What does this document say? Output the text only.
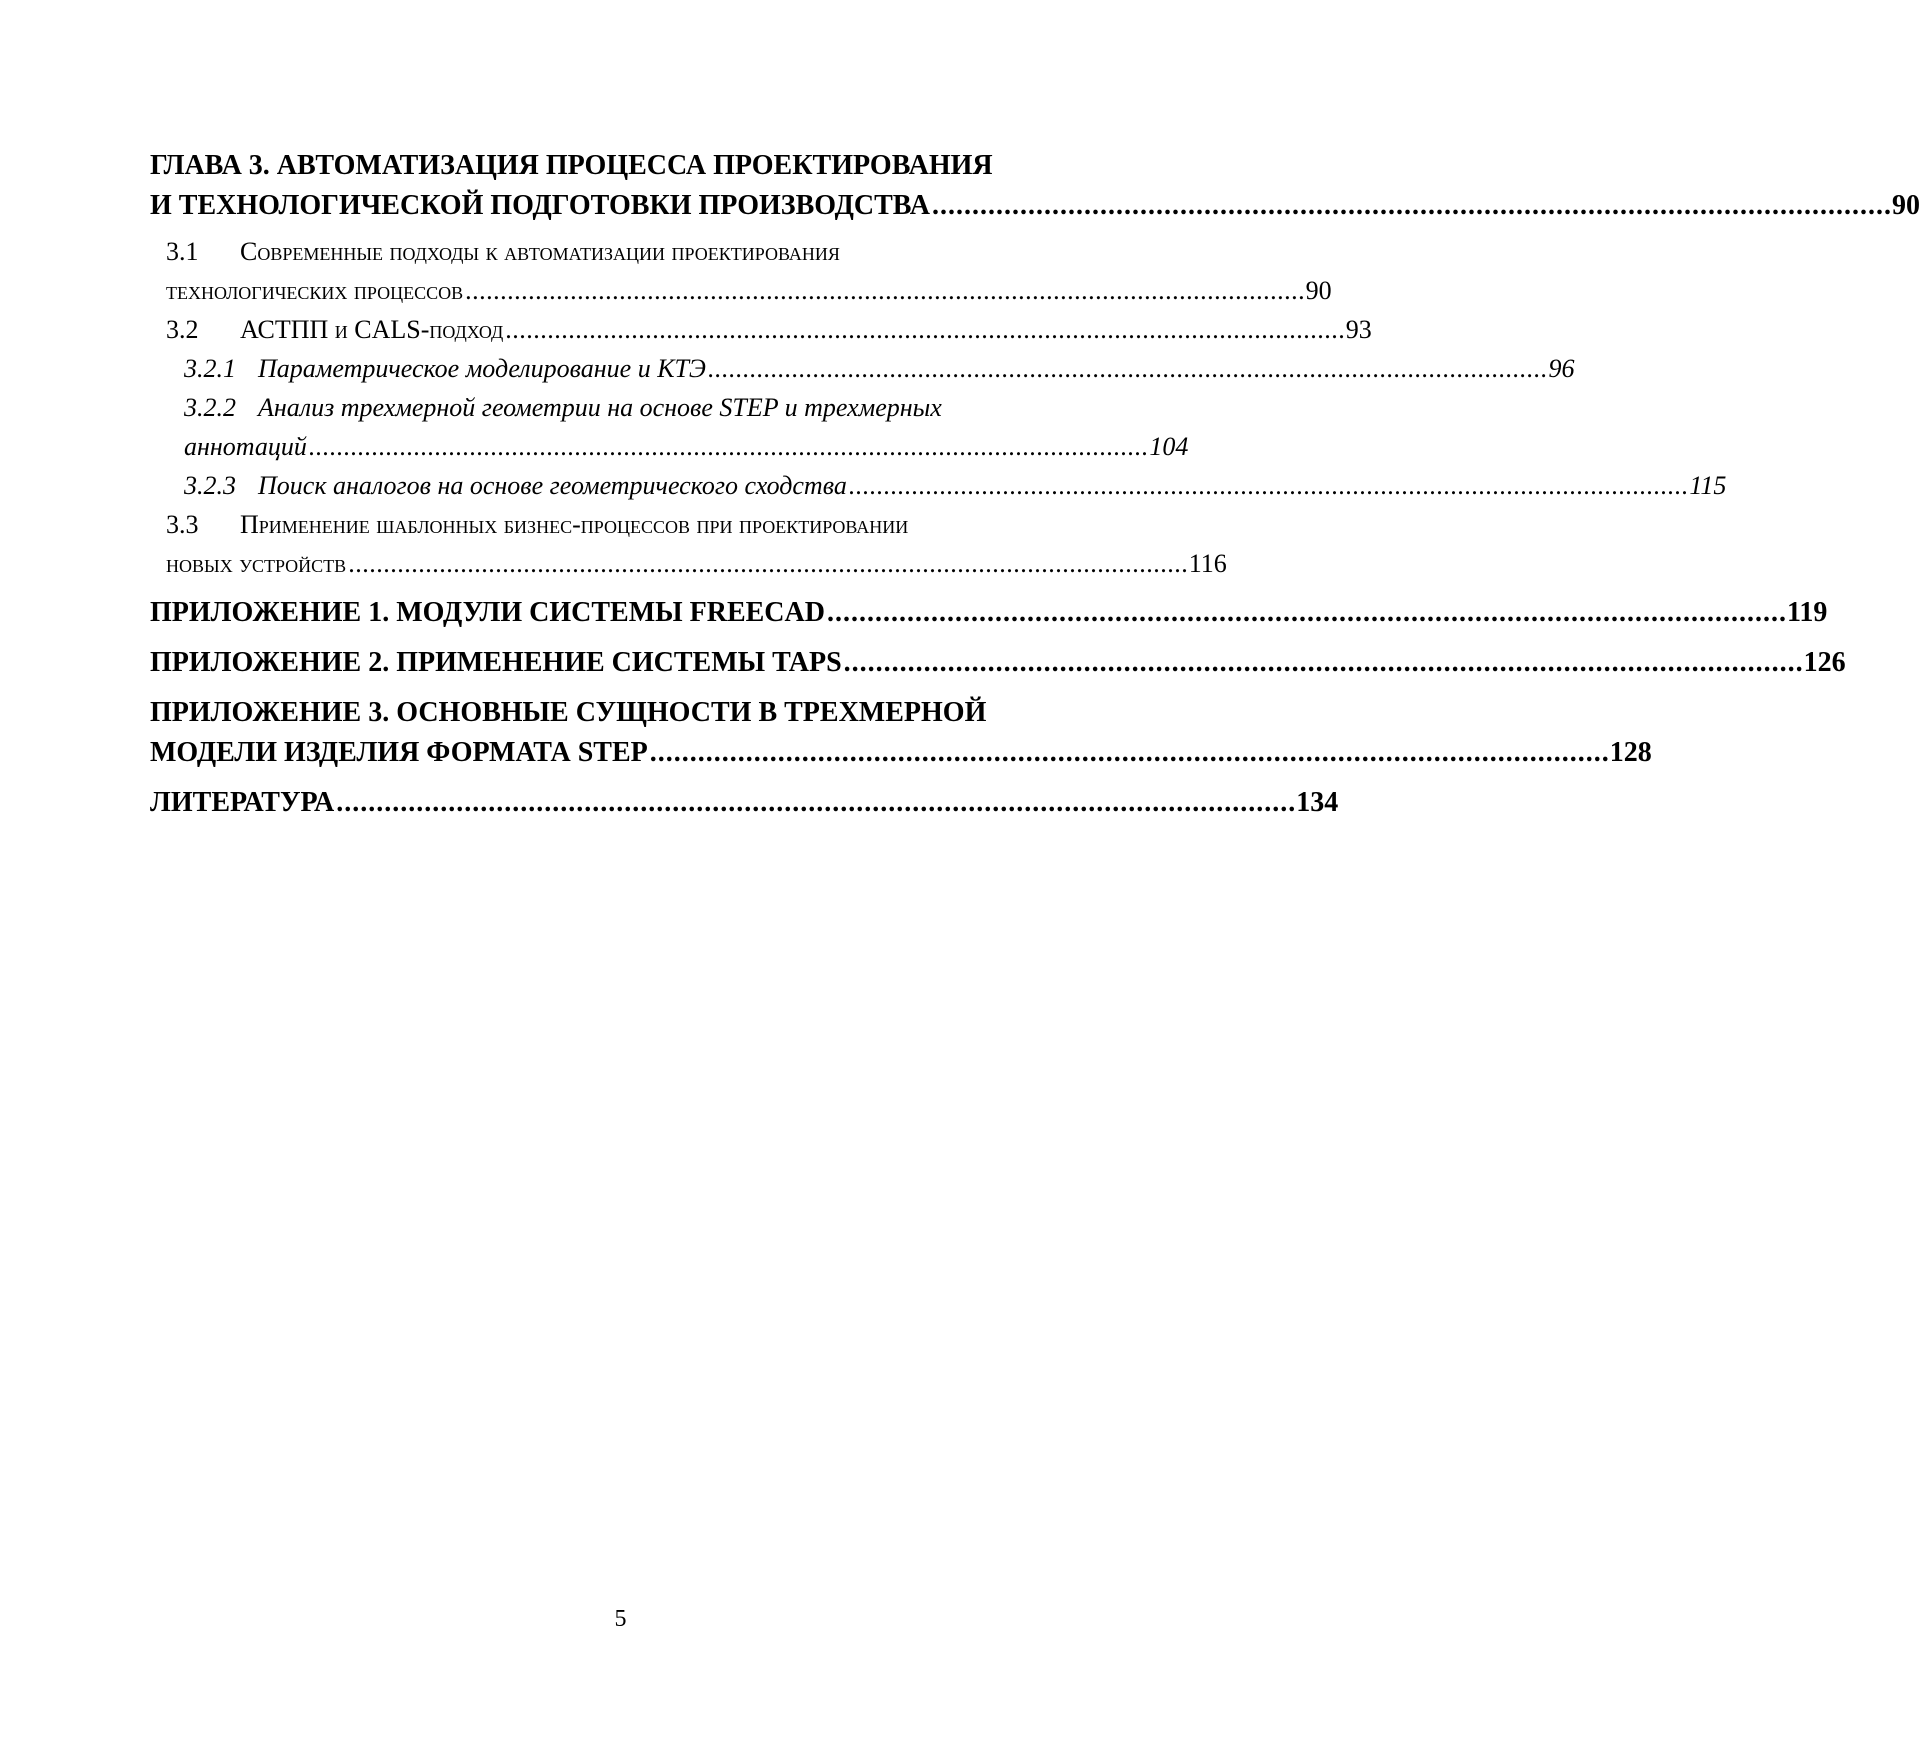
ГЛАВА 3. АВТОМАТИЗАЦИЯ ПРОЦЕССА ПРОЕКТИРОВАНИЯ
И ТЕХНОЛОГИЧЕСКОЙ ПОДГОТОВКИ ПРОИЗВОДСТВА . . .	90
3.1 Современные подходы к автоматизации проектирования
технологических процессов . . .	90
3.2 АСТПП и CALS-подход . . .	93
3.2.1 Параметрическое моделирование и КТЭ . . .	96
3.2.2 Анализ трехмерной геометрии на основе STEP и трехмерных
аннотаций . . .	104
3.2.3 Поиск аналогов на основе геометрического сходства . . .	115
3.3 Применение шаблонных бизнес-процессов при проектировании
новых устройств . . .	116
ПРИЛОЖЕНИЕ 1. МОДУЛИ СИСТЕМЫ FREECAD . . .	119
ПРИЛОЖЕНИЕ 2. ПРИМЕНЕНИЕ СИСТЕМЫ TAPS . . .	126
ПРИЛОЖЕНИЕ 3. ОСНОВНЫЕ СУЩНОСТИ В ТРЕХМЕРНОЙ
МОДЕЛИ ИЗДЕЛИЯ ФОРМАТА STEP . . .	128
ЛИТЕРАТУРА . . .	134
5
